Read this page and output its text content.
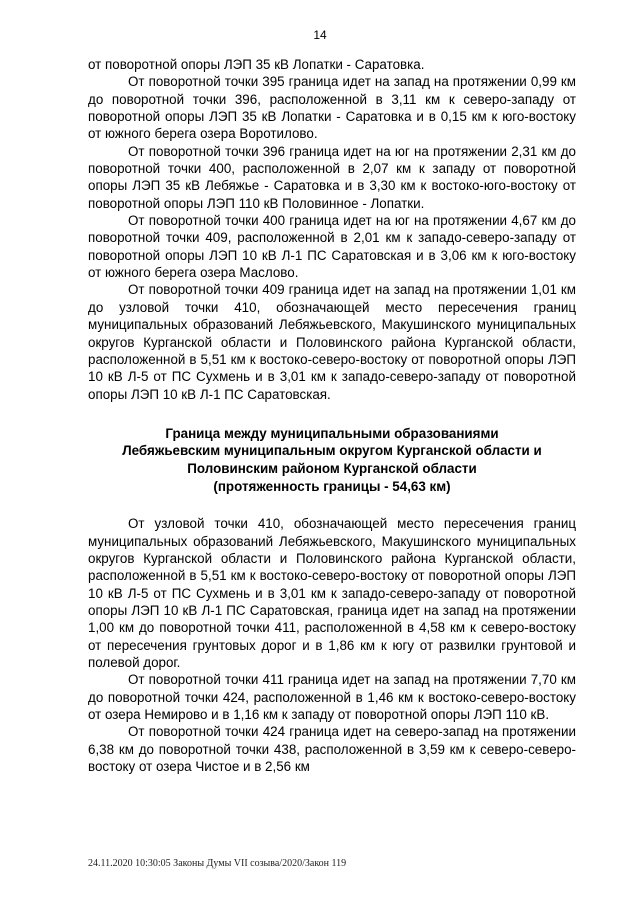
14

от поворотной опоры ЛЭП 35 кВ Лопатки - Саратовка.

От поворотной точки 395 граница идет на запад на протяжении 0,99 км до поворотной точки 396, расположенной в 3,11 км к северо-западу от поворотной опоры ЛЭП 35 кВ Лопатки - Саратовка и в 0,15 км к юго-востоку от южного берега озера Воротилово.

От поворотной точки 396 граница идет на юг на протяжении 2,31 км до поворотной точки 400, расположенной в 2,07 км к западу от поворотной опоры ЛЭП 35 кВ Лебяжье - Саратовка и в 3,30 км к востоко-юго-востоку от поворотной опоры ЛЭП 110 кВ Половинное - Лопатки.

От поворотной точки 400 граница идет на юг на протяжении 4,67 км до поворотной точки 409, расположенной в 2,01 км к западо-северо-западу от поворотной опоры ЛЭП 10 кВ Л-1 ПС Саратовская и в 3,06 км к юго-востоку от южного берега озера Маслово.

От поворотной точки 409 граница идет на запад на протяжении 1,01 км до узловой точки 410, обозначающей место пересечения границ муниципальных образований Лебяжьевского, Макушинского муниципальных округов Курганской области и Половинского района Курганской области, расположенной в 5,51 км к востоко-северо-востоку от поворотной опоры ЛЭП 10 кВ Л-5 от ПС Сухмень и в 3,01 км к западо-северо-западу от поворотной опоры ЛЭП 10 кВ Л-1 ПС Саратовская.

Граница между муниципальными образованиями
Лебяжьевским муниципальным округом Курганской области и
Половинским районом Курганской области
(протяженность границы - 54,63 км)

От узловой точки 410, обозначающей место пересечения границ муниципальных образований Лебяжьевского, Макушинского муниципальных округов Курганской области и Половинского района Курганской области, расположенной в 5,51 км к востоко-северо-востоку от поворотной опоры ЛЭП 10 кВ Л-5 от ПС Сухмень и в 3,01 км к западо-северо-западу от поворотной опоры ЛЭП 10 кВ Л-1 ПС Саратовская, граница идет на запад на протяжении 1,00 км до поворотной точки 411, расположенной в 4,58 км к северо-востоку от пересечения грунтовых дорог и в 1,86 км к югу от развилки грунтовой и полевой дорог.

От поворотной точки 411 граница идет на запад на протяжении 7,70 км до поворотной точки 424, расположенной в 1,46 км к востоко-северо-востоку от озера Немирово и в 1,16 км к западу от поворотной опоры ЛЭП 110 кВ.

От поворотной точки 424 граница идет на северо-запад на протяжении 6,38 км до поворотной точки 438, расположенной в 3,59 км к северо-северо-востоку от озера Чистое и в 2,56 км

24.11.2020 10:30:05 Законы Думы VII созыва/2020/Закон 119
